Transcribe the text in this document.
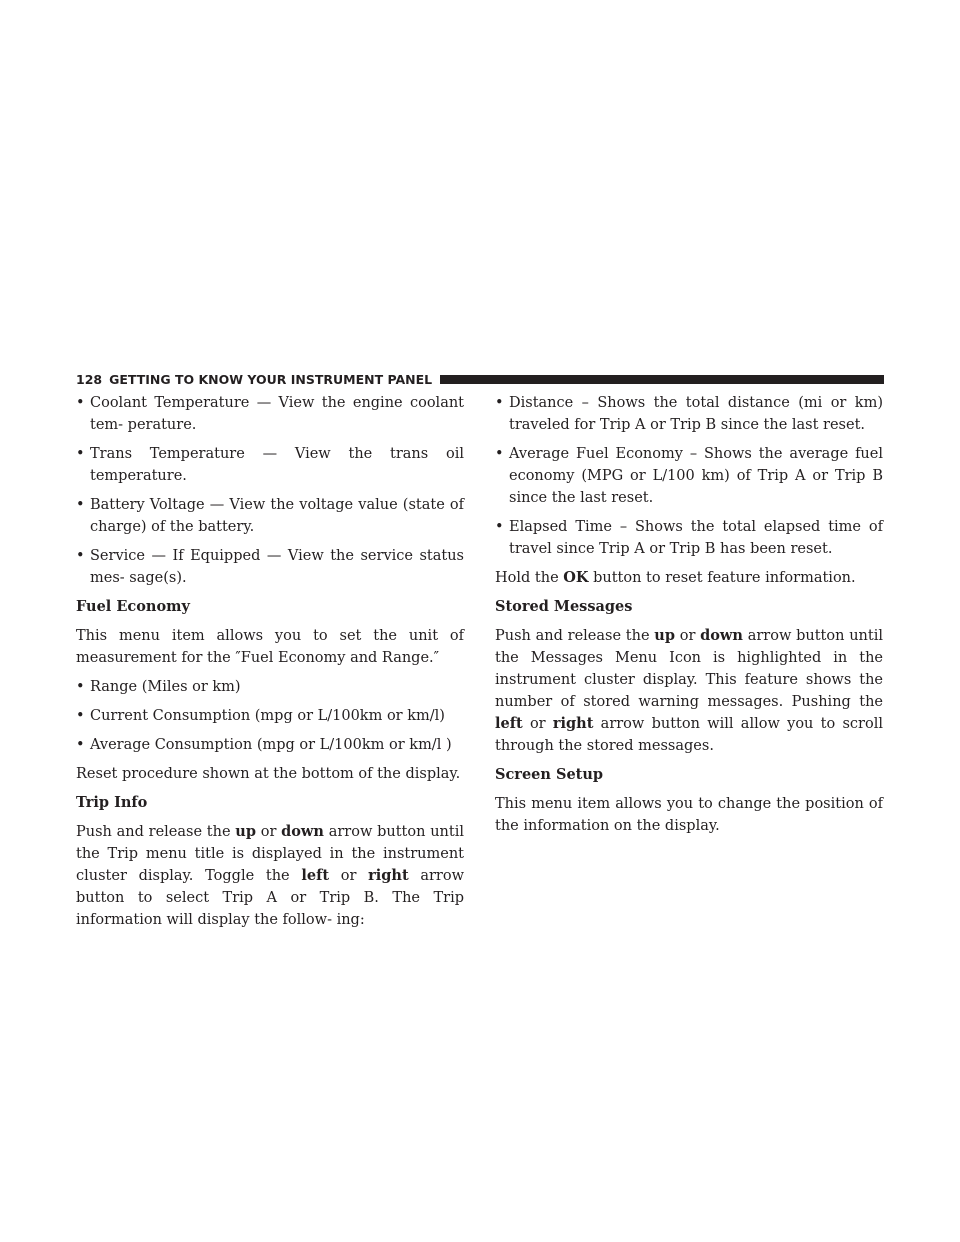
128 GETTING TO KNOW YOUR INSTRUMENT PANEL
• Coolant Temperature — View the engine coolant tem- perature.
• Trans Temperature — View the trans oil temperature.
• Battery Voltage — View the voltage value (state of charge) of the battery.
• Service — If Equipped — View the service status mes- sage(s).
Fuel Economy
This menu item allows you to set the unit of measurement for the ″Fuel Economy and Range.″
• Range (Miles or km)
• Current Consumption (mpg or L/100km or km/l)
• Average Consumption (mpg or L/100km or km/l )
Reset procedure shown at the bottom of the display.
Trip Info
Push and release the up or down arrow button until the Trip menu title is displayed in the instrument cluster display. Toggle the left or right arrow button to select Trip A or Trip B. The Trip information will display the follow- ing:
• Distance – Shows the total distance (mi or km) traveled for Trip A or Trip B since the last reset.
• Average Fuel Economy – Shows the average fuel economy (MPG or L/100 km) of Trip A or Trip B since the last reset.
• Elapsed Time – Shows the total elapsed time of travel since Trip A or Trip B has been reset.
Hold the OK button to reset feature information.
Stored Messages
Push and release the up or down arrow button until the Messages Menu Icon is highlighted in the instrument cluster display. This feature shows the number of stored warning messages. Pushing the left or right arrow button will allow you to scroll through the stored messages.
Screen Setup
This menu item allows you to change the position of the information on the display.
